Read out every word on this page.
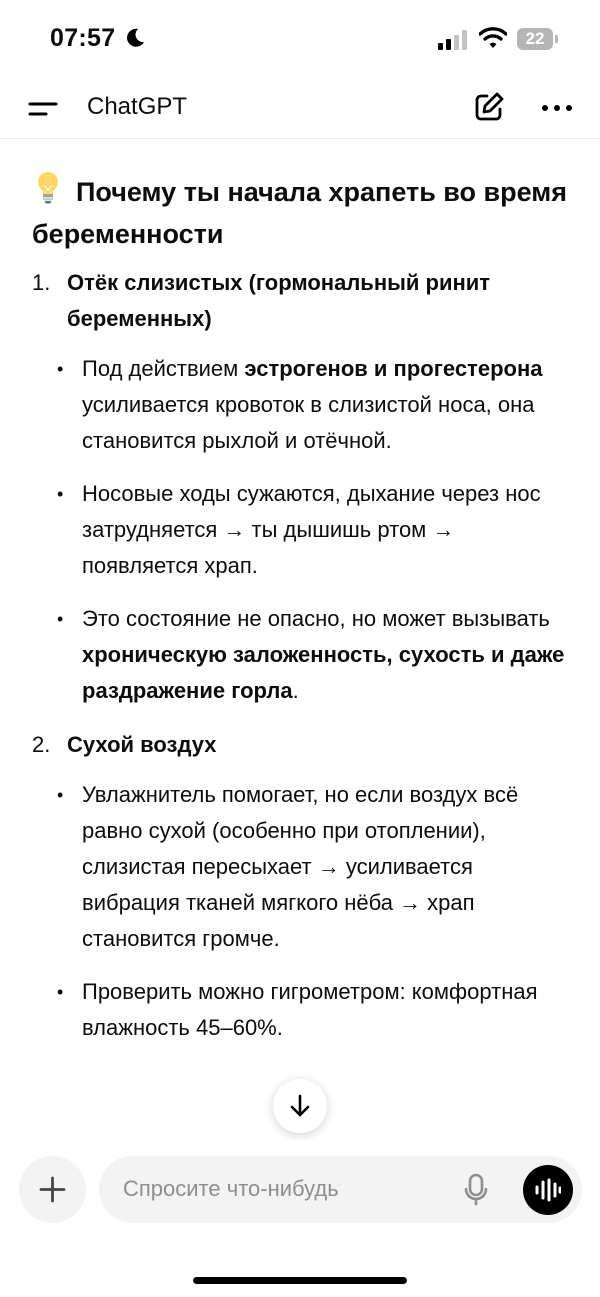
07:57	22
ChatGPT
Почему ты начала храпеть во время беременности
1. Отёк слизистых (гормональный ринит беременных)
• Под действием эстрогенов и прогестерона усиливается кровоток в слизистой носа, она становится рыхлой и отёчной.
• Носовые ходы сужаются, дыхание через нос затрудняется → ты дышишь ртом → появляется храп.
• Это состояние не опасно, но может вызывать хроническую заложенность, сухость и даже раздражение горла.
2. Сухой воздух
• Увлажнитель помогает, но если воздух всё равно сухой (особенно при отоплении), слизистая пересыхает → усиливается вибрация тканей мягкого нёба → храп становится громче.
• Проверить можно гигрометром: комфортная влажность 45–60%.
Спросите что-нибудь
